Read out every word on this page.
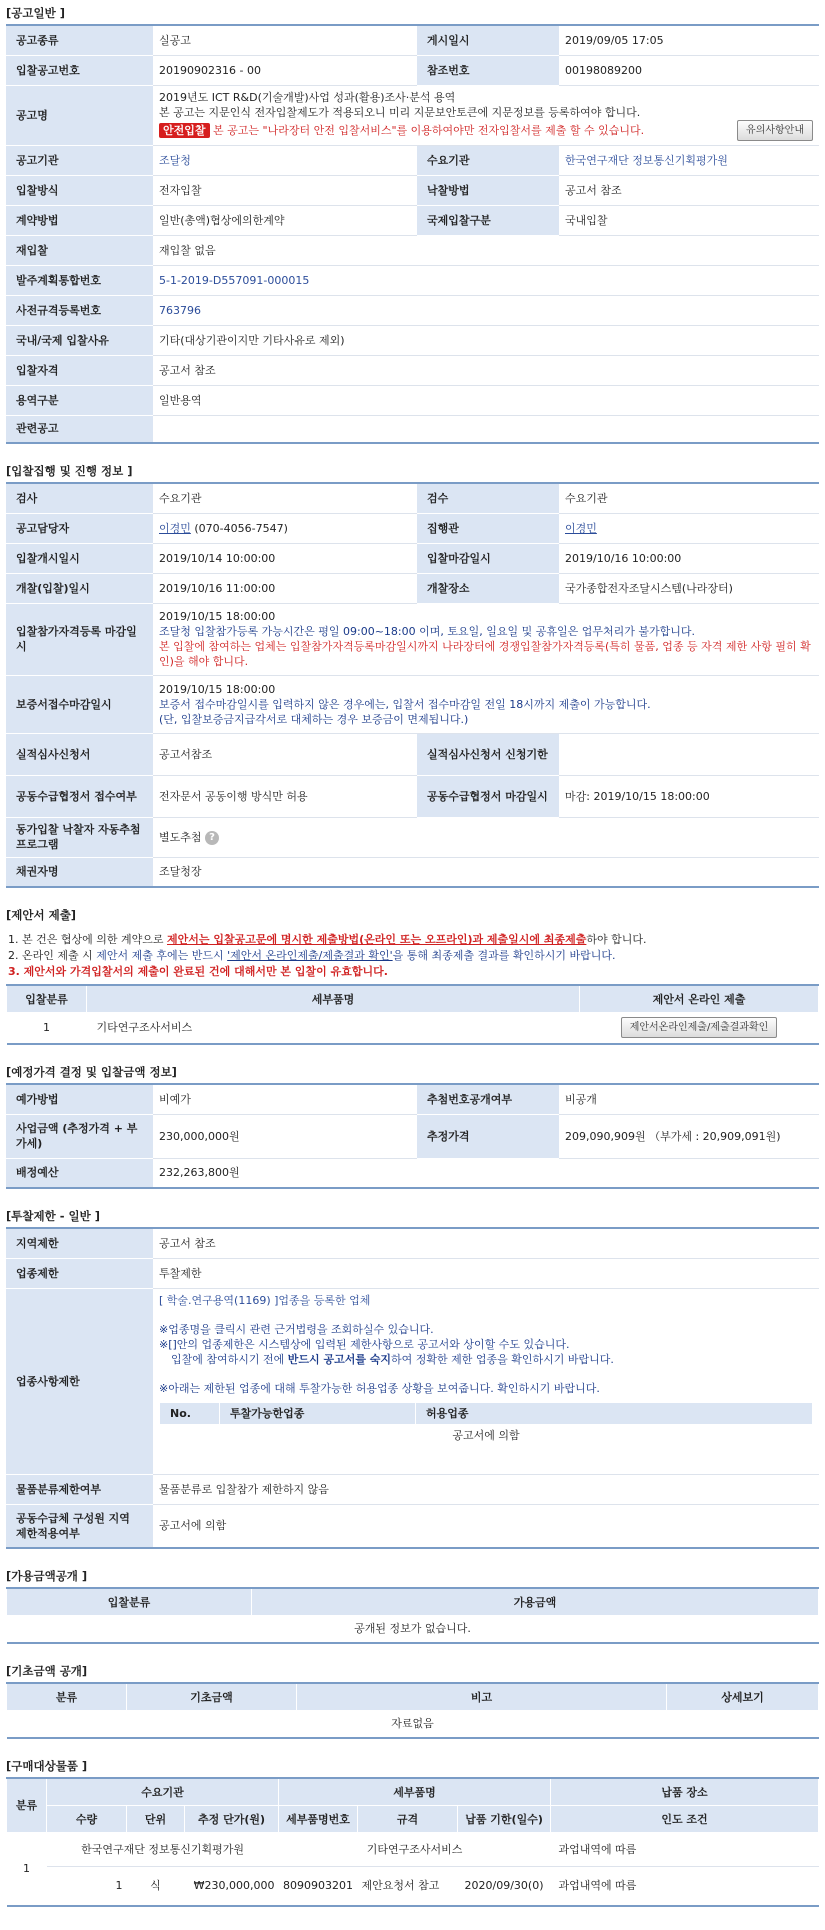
[공고일반 ]
공고종류	실공고	게시일시	2019/09/05 17:05
입찰공고번호	20190902316 - 00	참조번호	00198089200
공고명	2019년도 ICT R&D(기술개발)사업 성과(활용)조사·분석 용역
본 공고는 지문인식 전자입찰제도가 적용되오니 미리 지문보안토큰에 지문정보를 등록하여야 합니다.
안전입찰 본 공고는 "나라장터 안전 입찰서비스"를 이용하여야만 전자입찰서를 제출 할 수 있습니다. 유의사항안내		

공고기관	조달청	수요기관	한국연구재단 정보통신기획평가원
입찰방식	전자입찰	낙찰방법	공고서 참조
계약방법	일반(총액)협상에의한계약	국제입찰구분	국내입찰
재입찰	재입찰 없음		
발주계획통합번호	5-1-2019-D557091-000015		
사전규격등록번호	763796		
국내/국제 입찰사유	기타(대상기관이지만 기타사유로 제외)		
입찰자격	공고서 참조		
용역구분	일반용역		
관련공고			
[입찰집행 및 진행 정보 ]
검사	수요기관	검수	수요기관
공고담당자	이경민 (070-4056-7547)	집행관	이경민
입찰개시일시	2019/10/14 10:00:00	입찰마감일시	2019/10/16 10:00:00
개찰(입찰)일시	2019/10/16 11:00:00	개찰장소	국가종합전자조달시스템(나라장터)
입찰참가자격등록 마감일시	2019/10/15 18:00:00
조달청 입찰참가등록 가능시간은 평일 09:00~18:00 이며, 토요일, 일요일 및 공휴일은 업무처리가 불가합니다.
본 입찰에 참여하는 업체는 입찰참가자격등록마감일시까지 나라장터에 경쟁입찰참가자격등록(특히 물품, 업종 등 자격 제한 사항 필히 확인)을 해야 합니다.		

보증서접수마감일시	2019/10/15 18:00:00
보증서 접수마감일시를 입력하지 않은 경우에는, 입찰서 접수마감일 전일 18시까지 제출이 가능합니다.
(단, 입찰보증금지급각서로 대체하는 경우 보증금이 면제됩니다.)		

실적심사신청서	공고서참조	실적심사신청서 신청기한	
공동수급협정서 접수여부	전자문서 공동이행 방식만 허용	공동수급협정서 마감일시	마감: 2019/10/15 18:00:00
동가입찰 낙찰자 자동추첨프로그램	별도추첨 ?		
채권자명	조달청장		
[제안서 제출]
1. 본 건은 협상에 의한 계약으로 제안서는 입찰공고문에 명시한 제출방법(온라인 또는 오프라인)과 제출일시에 최종제출하야 합니다.
2. 온라인 제출 시 제안서 제출 후에는 반드시 '제안서 온라인제출/제출결과 확인'을 통해 최종제출 결과를 확인하시기 바랍니다.
3. 제안서와 가격입찰서의 제출이 완료된 건에 대해서만 본 입찰이 유효합니다.
입찰분류	세부품명	제안서 온라인 제출
1	기타연구조사서비스	제안서온라인제출/제출결과확인
[예정가격 결정 및 입찰금액 정보]
예가방법	비예가	추첨번호공개여부	비공개
사업금액 (추정가격 + 부가세)	230,000,000원	추정가격	209,090,909원 （부가세 : 20,909,091원)
배정예산	232,263,800원		
[투찰제한 - 일반 ]
지역제한	공고서 참조
업종제한	투찰제한
업종사항제한	
[ 학술.연구용역(1169) ]업종을 등록한 업체
※업종명을 클릭시 관련 근거법령을 조회하실수 있습니다.
※[]안의 업종제한은 시스템상에 입력된 제한사항으로 공고서와 상이할 수도 있습니다.
입찰에 참여하시기 전에 반드시 공고서를 숙지하여 정확한 제한 업종을 확인하시기 바랍니다.
※아래는 제한된 업종에 대해 투찰가능한 허용업종 상황을 보여줍니다. 확인하시기 바랍니다.
No.	투찰가능한업종	허용업종
공고서에 의함

물품분류제한여부	물품분류로 입찰참가 제한하지 않음
공동수급체 구성원 지역 제한적용여부	공고서에 의함
[가용금액공개 ]
입찰분류	가용금액
공개된 정보가 없습니다.
[기초금액 공개]
분류	기초금액	비고	상세보기
자료없음
[구매대상물품 ]
분류	수요기관			세부품명			납품 장소
	수량	단위	추정 단가(원)	세부품명번호	규격	납품 기한(일수)	인도 조건
1	한국연구재단 정보통신기획평가원			기타연구조사서비스			과업내역에 따름
	1	식	₩230,000,000	8090903201	제안요청서 참고	2020/09/30(0)	과업내역에 따름
